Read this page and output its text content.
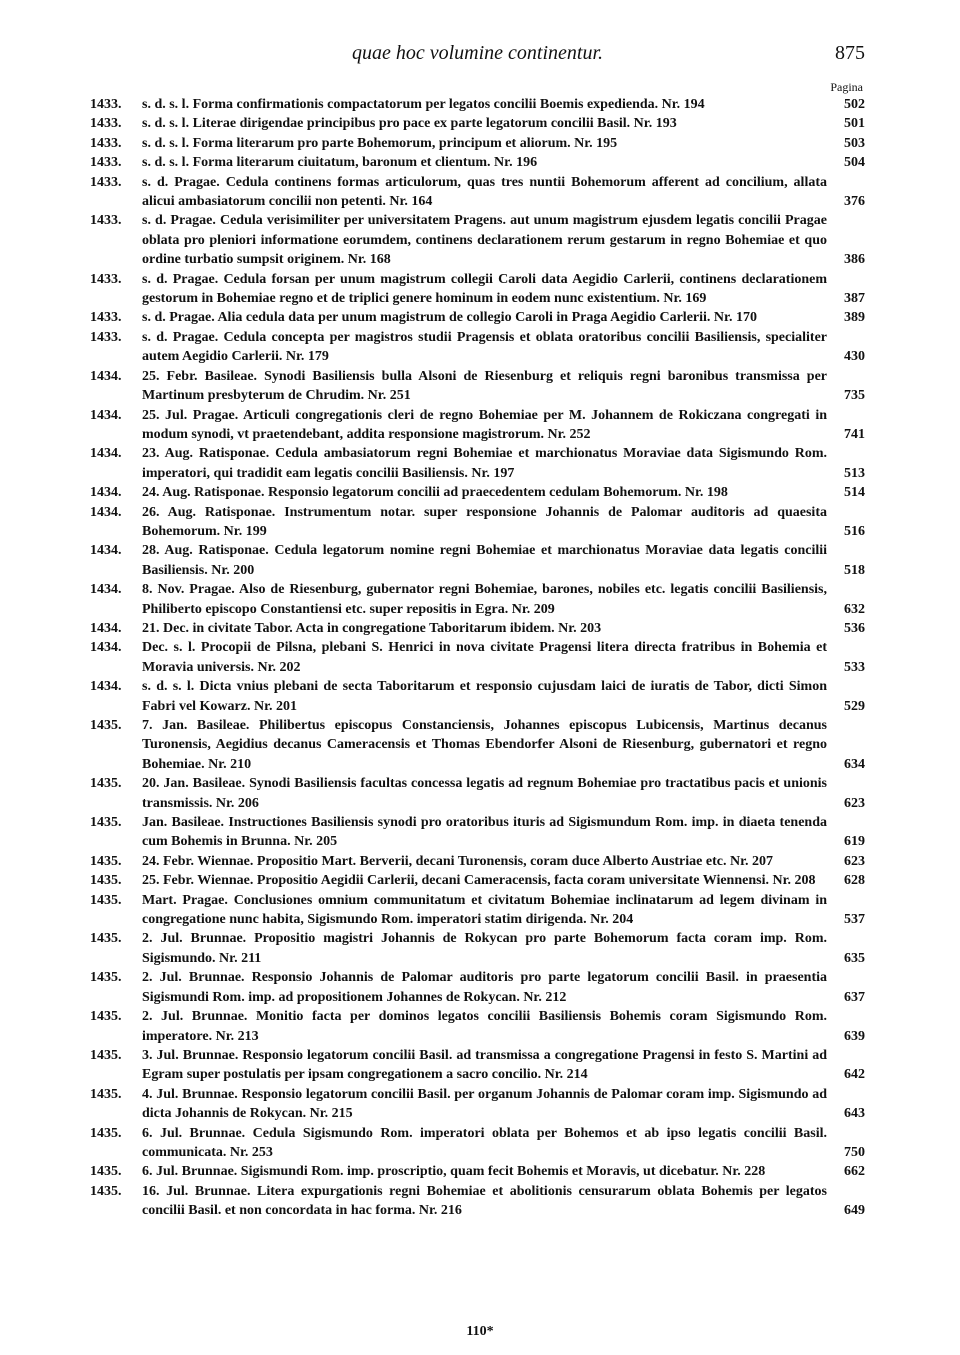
quae hoc volumine continentur.	875
Pagina
1433.	s. d. s. l. Forma confirmationis compactatorum per legatos concilii Boemis expedienda. Nr. 194	502
1433.	s. d. s. l. Literae dirigendae principibus pro pace ex parte legatorum concilii Basil. Nr. 193	501
1433.	s. d. s. l. Forma literarum pro parte Bohemorum, principum et aliorum. Nr. 195	503
1433.	s. d. s. l. Forma literarum ciuitatum, baronum et clientum. Nr. 196	504
1433.	s. d. Pragae. Cedula continens formas articulorum, quas tres nuntii Bohemorum afferent ad concilium, allata alicui ambasiatorum concilii non petenti. Nr. 164	376
1433.	s. d. Pragae. Cedula verisimiliter per universitatem Pragens. aut unum magistrum ejusdem legatis concilii Pragae oblata pro pleniori informatione eorumdem, continens declarationem rerum gestarum in regno Bohemiae et quo ordine turbatio sumpsit originem. Nr. 168	386
1433.	s. d. Pragae. Cedula forsan per unum magistrum collegii Caroli data Aegidio Carlerii, continens declarationem gestorum in Bohemiae regno et de triplici genere hominum in eodem nunc existentium. Nr. 169	387
1433.	s. d. Pragae. Alia cedula data per unum magistrum de collegio Caroli in Praga Aegidio Carlerii. Nr. 170	389
1433.	s. d. Pragae. Cedula concepta per magistros studii Pragensis et oblata oratoribus concilii Basiliensis, specialiter autem Aegidio Carlerii. Nr. 179	430
1434.	25. Febr. Basileae. Synodi Basiliensis bulla Alsoni de Riesenburg et reliquis regni baronibus transmissa per Martinum presbyterum de Chrudim. Nr. 251	735
1434.	25. Jul. Pragae. Articuli congregationis cleri de regno Bohemiae per M. Johannem de Rokiczana congregati in modum synodi, vt praetendebant, addita responsione magistrorum. Nr. 252	741
1434.	23. Aug. Ratisponae. Cedula ambasiatorum regni Bohemiae et marchionatus Moraviae data Sigismundo Rom. imperatori, qui tradidit eam legatis concilii Basiliensis. Nr. 197	513
1434.	24. Aug. Ratisponae. Responsio legatorum concilii ad praecedentem cedulam Bohemorum. Nr. 198	514
1434.	26. Aug. Ratisponae. Instrumentum notar. super responsione Johannis de Palomar auditoris ad quaesita Bohemorum. Nr. 199	516
1434.	28. Aug. Ratisponae. Cedula legatorum nomine regni Bohemiae et marchionatus Moraviae data legatis concilii Basiliensis. Nr. 200	518
1434.	8. Nov. Pragae. Also de Riesenburg, gubernator regni Bohemiae, barones, nobiles etc. legatis concilii Basiliensis, Philiberto episcopo Constantiensi etc. super repositis in Egra. Nr. 209	632
1434.	21. Dec. in civitate Tabor. Acta in congregatione Taboritarum ibidem. Nr. 203	536
1434.	Dec. s. l. Procopii de Pilsna, plebani S. Henrici in nova civitate Pragensi litera directa fratribus in Bohemia et Moravia universis. Nr. 202	533
1434.	s. d. s. l. Dicta vnius plebani de secta Taboritarum et responsio cujusdam laici de iuratis de Tabor, dicti Simon Fabri vel Kowarz. Nr. 201	529
1435.	7. Jan. Basileae. Philibertus episcopus Constanciensis, Johannes episcopus Lubicensis, Martinus decanus Turonensis, Aegidius decanus Cameracensis et Thomas Ebendorfer Alsoni de Riesenburg, gubernatori et regno Bohemiae. Nr. 210	634
1435.	20. Jan. Basileae. Synodi Basiliensis facultas concessa legatis ad regnum Bohemiae pro tractatibus pacis et unionis transmissis. Nr. 206	623
1435.	Jan. Basileae. Instructiones Basiliensis synodi pro oratoribus ituris ad Sigismundum Rom. imp. in diaeta tenenda cum Bohemis in Brunna. Nr. 205	619
1435.	24. Febr. Wiennae. Propositio Mart. Berverii, decani Turonensis, coram duce Alberto Austriae etc. Nr. 207	623
1435.	25. Febr. Wiennae. Propositio Aegidii Carlerii, decani Cameracensis, facta coram universitate Wiennensi. Nr. 208	628
1435.	Mart. Pragae. Conclusiones omnium communitatum et civitatum Bohemiae inclinatarum ad legem divinam in congregatione nunc habita, Sigismundo Rom. imperatori statim dirigenda. Nr. 204	537
1435.	2. Jul. Brunnae. Propositio magistri Johannis de Rokycan pro parte Bohemorum facta coram imp. Rom. Sigismundo. Nr. 211	635
1435.	2. Jul. Brunnae. Responsio Johannis de Palomar auditoris pro parte legatorum concilii Basil. in praesentia Sigismundi Rom. imp. ad propositionem Johannes de Rokycan. Nr. 212	637
1435.	2. Jul. Brunnae. Monitio facta per dominos legatos concilii Basiliensis Bohemis coram Sigismundo Rom. imperatore. Nr. 213	639
1435.	3. Jul. Brunnae. Responsio legatorum concilii Basil. ad transmissa a congregatione Pragensi in festo S. Martini ad Egram super postulatis per ipsam congregationem a sacro concilio. Nr. 214	642
1435.	4. Jul. Brunnae. Responsio legatorum concilii Basil. per organum Johannis de Palomar coram imp. Sigismundo ad dicta Johannis de Rokycan. Nr. 215	643
1435.	6. Jul. Brunnae. Cedula Sigismundo Rom. imperatori oblata per Bohemos et ab ipso legatis concilii Basil. communicata. Nr. 253	750
1435.	6. Jul. Brunnae. Sigismundi Rom. imp. proscriptio, quam fecit Bohemis et Moravis, ut dicebatur. Nr. 228	662
1435.	16. Jul. Brunnae. Litera expurgationis regni Bohemiae et abolitionis censurarum oblata Bohemis per legatos concilii Basil. et non concordata in hac forma. Nr. 216	649
110*
